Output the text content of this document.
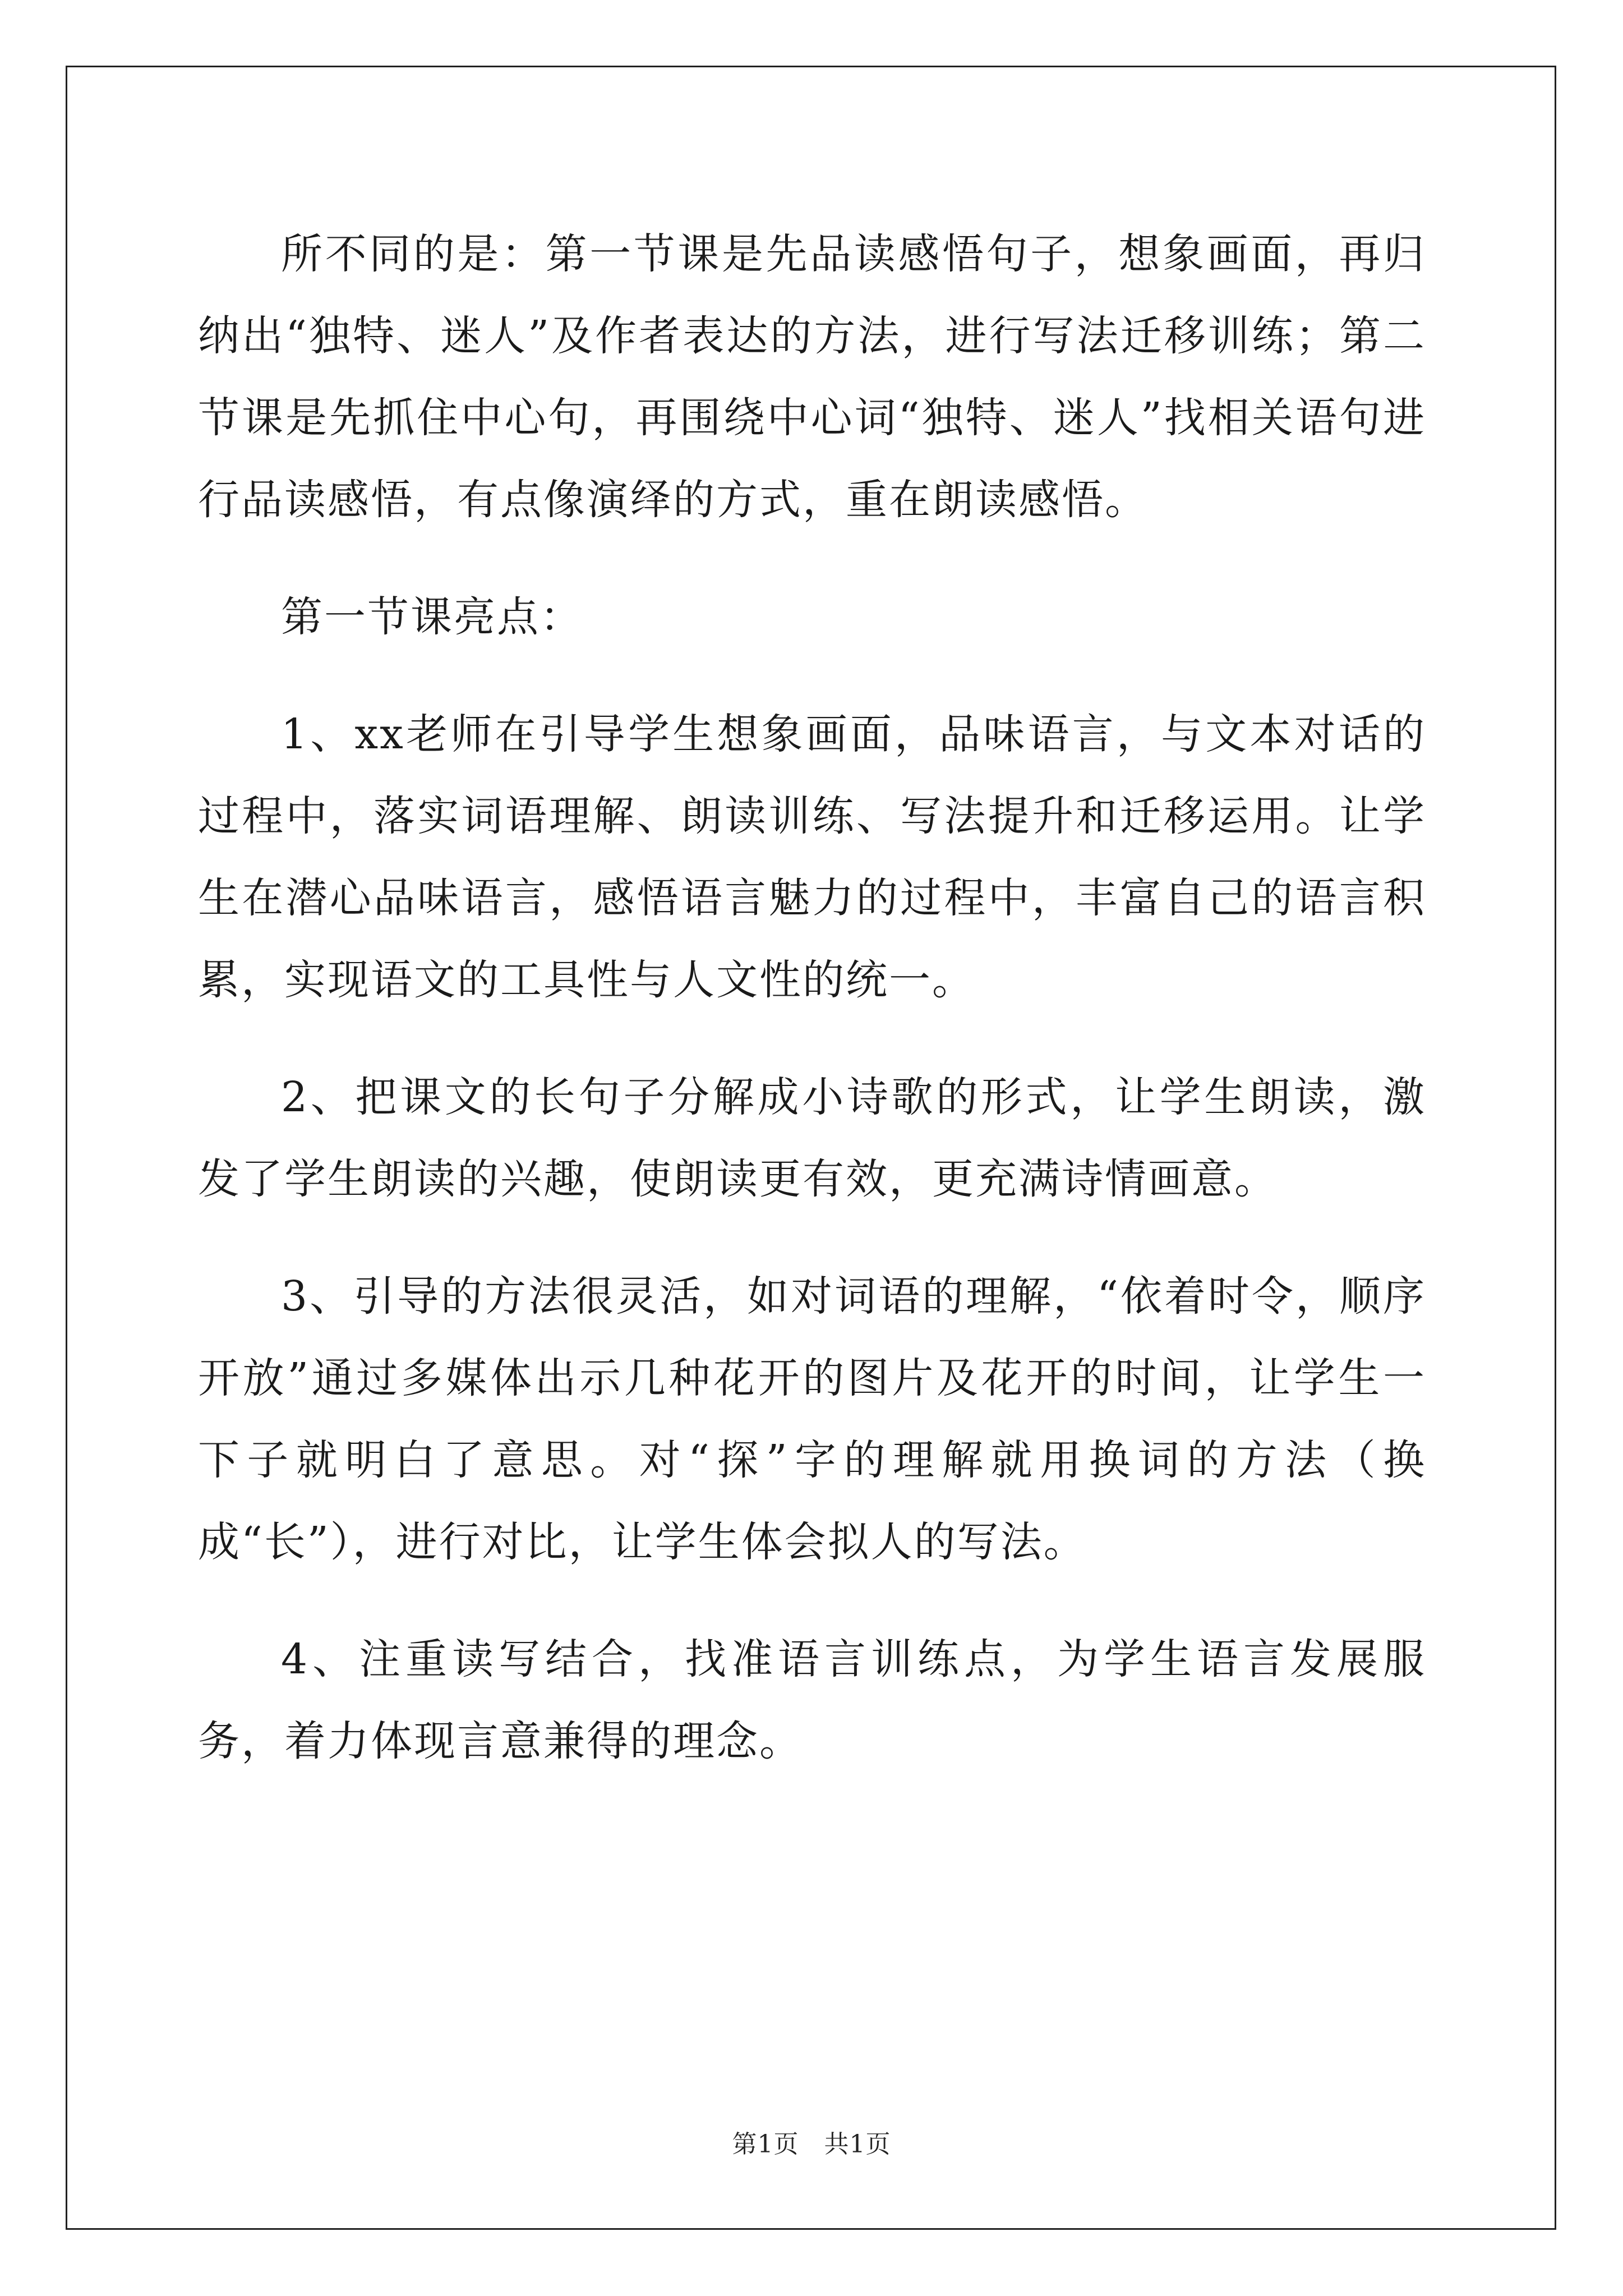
所不同的是：第一节课是先品读感悟句子，想象画面，再归纳出“独特、迷人”及作者表达的方法，进行写法迁移训练；第二节课是先抓住中心句，再围绕中心词“独特、迷人”找相关语句进行品读感悟，有点像演绎的方式，重在朗读感悟。

第一节课亮点：

1、xx老师在引导学生想象画面，品味语言，与文本对话的过程中，落实词语理解、朗读训练、写法提升和迁移运用。让学生在潜心品味语言，感悟语言魅力的过程中，丰富自己的语言积累，实现语文的工具性与人文性的统一。

2、把课文的长句子分解成小诗歌的形式，让学生朗读，激发了学生朗读的兴趣，使朗读更有效，更充满诗情画意。

3、引导的方法很灵活，如对词语的理解，“依着时令，顺序开放”通过多媒体出示几种花开的图片及花开的时间，让学生一下子就明白了意思。对“探”字的理解就用换词的方法（换成“长”），进行对比，让学生体会拟人的写法。

4、注重读写结合，找准语言训练点，为学生语言发展服务，着力体现言意兼得的理念。

第1页 共1页
